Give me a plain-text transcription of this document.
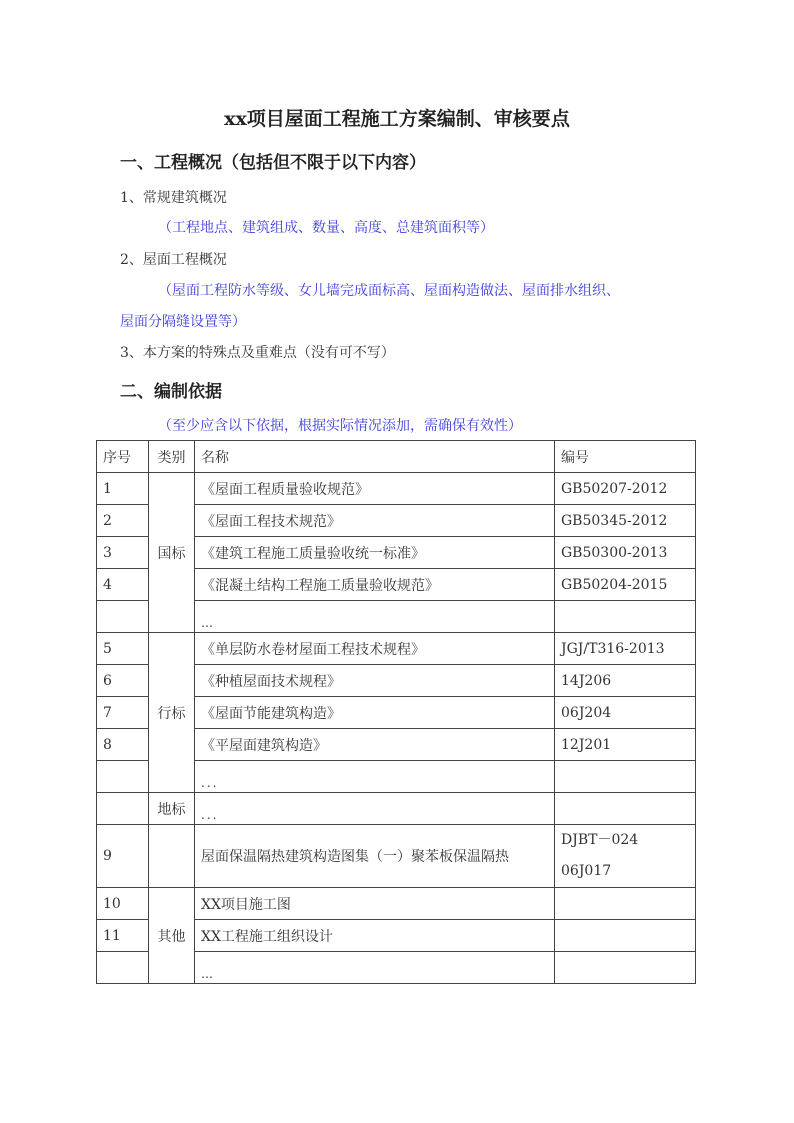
xx项目屋面工程施工方案编制、审核要点
一、工程概况（包括但不限于以下内容）
1、常规建筑概况
（工程地点、建筑组成、数量、高度、总建筑面积等）
2、屋面工程概况
（屋面工程防水等级、女儿墙完成面标高、屋面构造做法、屋面排水组织、
屋面分隔缝设置等）
3、本方案的特殊点及重难点（没有可不写）
二、编制依据
（至少应含以下依据，根据实际情况添加，需确保有效性）
序号	类别	名称	编号
1	国标	《屋面工程质量验收规范》	GB50207-2012
2		《屋面工程技术规范》	GB50345-2012
3		《建筑工程施工质量验收统一标准》	GB50300-2013
4		《混凝土结构工程施工质量验收规范》	GB50204-2015
		…	
5	行标	《单层防水卷材屋面工程技术规程》	JGJ/T316-2013
6		《种植屋面技术规程》	14J206
7		《屋面节能建筑构造》	06J204
8		《平屋面建筑构造》	12J201
		...	
	地标	...	
9		屋面保温隔热建筑构造图集（一）聚苯板保温隔热	DJBT－024
06J017

10	其他	XX项目施工图	
11		XX工程施工组织设计	
		…	
